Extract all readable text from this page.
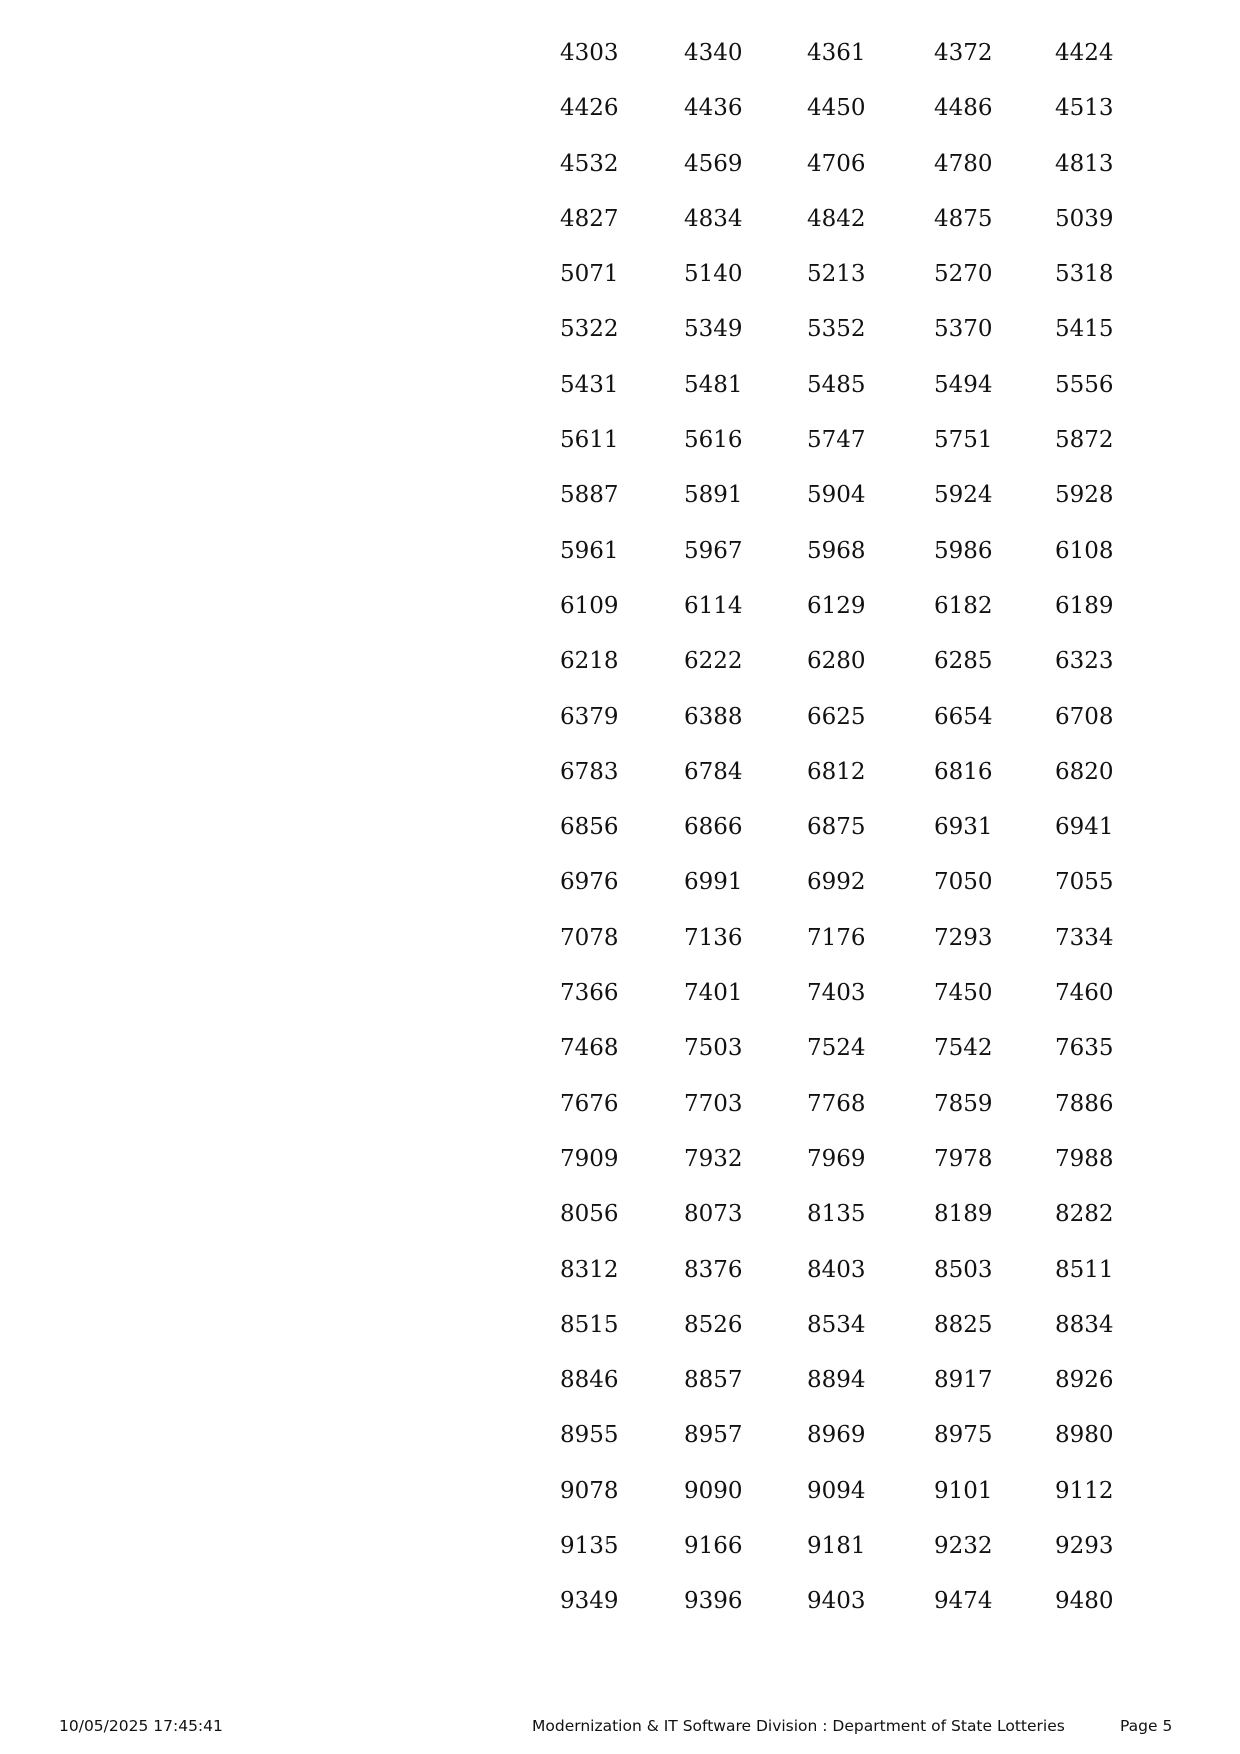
4303	4340	4361	4372	4424
4426	4436	4450	4486	4513
4532	4569	4706	4780	4813
4827	4834	4842	4875	5039
5071	5140	5213	5270	5318
5322	5349	5352	5370	5415
5431	5481	5485	5494	5556
5611	5616	5747	5751	5872
5887	5891	5904	5924	5928
5961	5967	5968	5986	6108
6109	6114	6129	6182	6189
6218	6222	6280	6285	6323
6379	6388	6625	6654	6708
6783	6784	6812	6816	6820
6856	6866	6875	6931	6941
6976	6991	6992	7050	7055
7078	7136	7176	7293	7334
7366	7401	7403	7450	7460
7468	7503	7524	7542	7635
7676	7703	7768	7859	7886
7909	7932	7969	7978	7988
8056	8073	8135	8189	8282
8312	8376	8403	8503	8511
8515	8526	8534	8825	8834
8846	8857	8894	8917	8926
8955	8957	8969	8975	8980
9078	9090	9094	9101	9112
9135	9166	9181	9232	9293
9349	9396	9403	9474	9480
10/05/2025 17:45:41	Modernization & IT Software Division : Department of State Lotteries	Page 5
